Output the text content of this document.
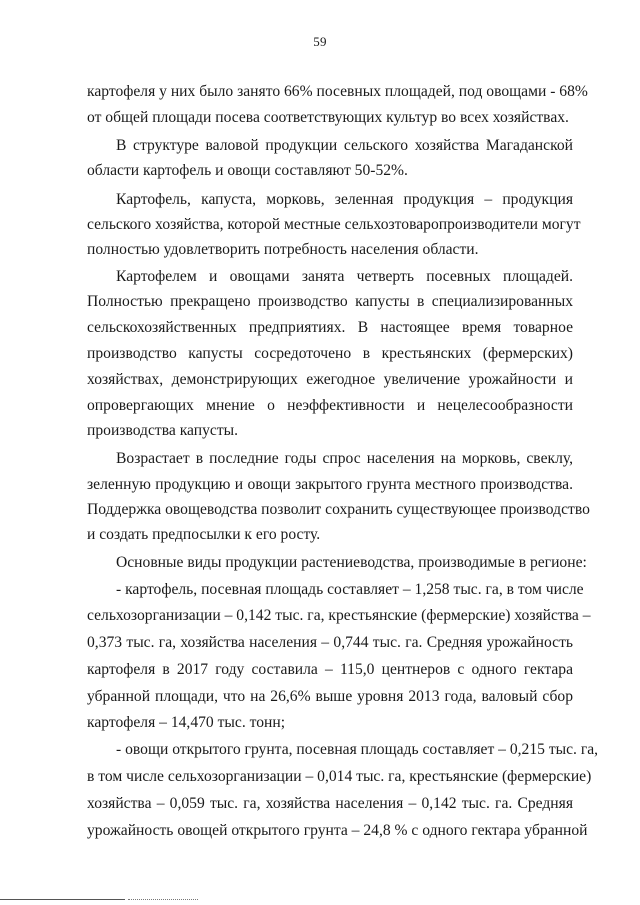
59
картофеля у них было занято 66% посевных площадей, под овощами - 68%
от общей площади посева соответствующих культур во всех хозяйствах.
В структуре валовой продукции сельского хозяйства Магаданской
области картофель и овощи составляют 50-52%.
Картофель, капуста, морковь, зеленная продукция – продукция
сельского хозяйства, которой местные сельхозтоваропроизводители могут
полностью удовлетворить потребность населения области.
Картофелем и овощами занята четверть посевных площадей.
Полностью прекращено производство капусты в специализированных
сельскохозяйственных предприятиях. В настоящее время товарное
производство капусты сосредоточено в крестьянских (фермерских)
хозяйствах, демонстрирующих ежегодное увеличение урожайности и
опровергающих мнение о неэффективности и нецелесообразности
производства капусты.
Возрастает в последние годы спрос населения на морковь, свеклу,
зеленную продукцию и овощи закрытого грунта местного производства.
Поддержка овощеводства позволит сохранить существующее производство
и создать предпосылки к его росту.
Основные виды продукции растениеводства, производимые в регионе:
- картофель, посевная площадь составляет – 1,258 тыс. га, в том числе
сельхозорганизации – 0,142 тыс. га, крестьянские (фермерские) хозяйства –
0,373 тыс. га, хозяйства населения – 0,744 тыс. га. Средняя урожайность
картофеля в 2017 году составила – 115,0 центнеров с одного гектара
убранной площади, что на 26,6% выше уровня 2013 года, валовый сбор
картофеля – 14,470 тыс. тонн;
- овощи открытого грунта, посевная площадь составляет – 0,215 тыс. га,
в том числе сельхозорганизации – 0,014 тыс. га, крестьянские (фермерские)
хозяйства – 0,059 тыс. га, хозяйства населения – 0,142 тыс. га. Средняя
урожайность овощей открытого грунта – 24,8 % с одного гектара убранной
